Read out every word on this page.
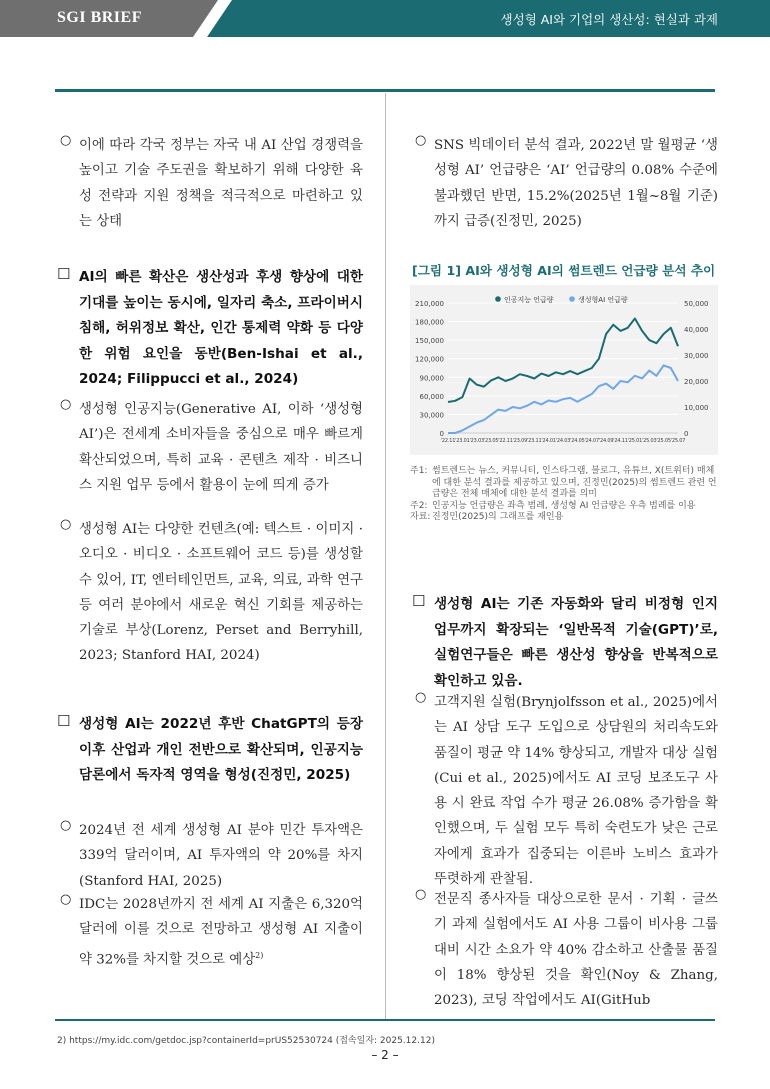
SGI BRIEF	생성형 AI와 기업의 생산성: 현실과 과제
○ 이에 따라 각국 정부는 자국 내 AI 산업 경쟁력을 높이고 기술 주도권을 확보하기 위해 다양한 육성 전략과 지원 정책을 적극적으로 마련하고 있는 상태
☐ AI의 빠른 확산은 생산성과 후생 향상에 대한 기대를 높이는 동시에, 일자리 축소, 프라이버시 침해, 허위정보 확산, 인간 통제력 약화 등 다양한 위험 요인을 동반(Ben-Ishai et al., 2024; Filippucci et al., 2024)
○ 생성형 인공지능(Generative AI, 이하 ‘생성형 AI’)은 전세계 소비자들을 중심으로 매우 빠르게 확산되었으며, 특히 교육 · 콘텐츠 제작 · 비즈니스 지원 업무 등에서 활용이 눈에 띄게 증가
○ 생성형 AI는 다양한 컨텐츠(예: 텍스트 · 이미지 · 오디오 · 비디오 · 소프트웨어 코드 등)를 생성할 수 있어, IT, 엔터테인먼트, 교육, 의료, 과학 연구 등 여러 분야에서 새로운 혁신 기회를 제공하는 기술로 부상(Lorenz, Perset and Berryhill, 2023; Stanford HAI, 2024)
☐ 생성형 AI는 2022년 후반 ChatGPT의 등장 이후 산업과 개인 전반으로 확산되며, 인공지능 담론에서 독자적 영역을 형성(진정민, 2025)
○ 2024년 전 세계 생성형 AI 분야 민간 투자액은 339억 달러이며, AI 투자액의 약 20%를 차지(Stanford HAI, 2025)
○ IDC는 2028년까지 전 세계 AI 지출은 6,320억 달러에 이를 것으로 전망하고 생성형 AI 지출이 약 32%를 차지할 것으로 예상$^{2)}$
○ SNS 빅데이터 분석 결과, 2022년 말 월평균 ‘생성형 AI’ 언급량은 ‘AI’ 언급량의 0.08% 수준에 불과했던 반면, 15.2%(2025년 1월~8월 기준)까지 급증(진정민, 2025)
[그림 1] AI와 생성형 AI의 썸트렌드 언급량 분석 추이
0
30,000
60,000
90,000
120,000
150,000
180,000
210,000
0
10,000
20,000
30,000
40,000
50,000
'22.11 '23.01 '23.03 '23.05 '22.11 '23.09 '23.11 '24.01 '24.03 '24.05 '24.07 '24.09 '24.11 '25.01 '25.03 '25.05 '25.07
인공지능 언급량	생성형AI 언급량
주1: 썸트렌드는 뉴스, 커뮤니티, 인스타그램, 블로그, 유튜브, X(트위터) 매체에 대한 분석 결과를 제공하고 있으며, 진정민(2025)의 썸트렌드 관련 언급량은 전체 매체에 대한 분석 결과를 의미
주2: 인공지능 언급량은 좌측 범례, 생성형 AI 언급량은 우측 범례를 이용
자료: 진정민(2025)의 그래프를 재인용
☐ 생성형 AI는 기존 자동화와 달리 비정형 인지 업무까지 확장되는 ‘일반목적 기술(GPT)’로, 실험연구들은 빠른 생산성 향상을 반복적으로 확인하고 있음.
○ 고객지원 실험(Brynjolfsson et al., 2025)에서는 AI 상담 도구 도입으로 상담원의 처리속도와 품질이 평균 약 14% 향상되고, 개발자 대상 실험(Cui et al., 2025)에서도 AI 코딩 보조도구 사용 시 완료 작업 수가 평균 26.08% 증가함을 확인했으며, 두 실험 모두 특히 숙련도가 낮은 근로자에게 효과가 집중되는 이른바 노비스 효과가 뚜렷하게 관찰됨.
○ 전문직 종사자들 대상으로한 문서 · 기획 · 글쓰기 과제 실험에서도 AI 사용 그룹이 비사용 그룹 대비 시간 소요가 약 40% 감소하고 산출물 품질이 18% 향상된 것을 확인(Noy & Zhang, 2023), 코딩 작업에서도 AI(GitHub
2) https://my.idc.com/getdoc.jsp?containerId=prUS52530724 (접속일자: 2025.12.12)
– 2 –
